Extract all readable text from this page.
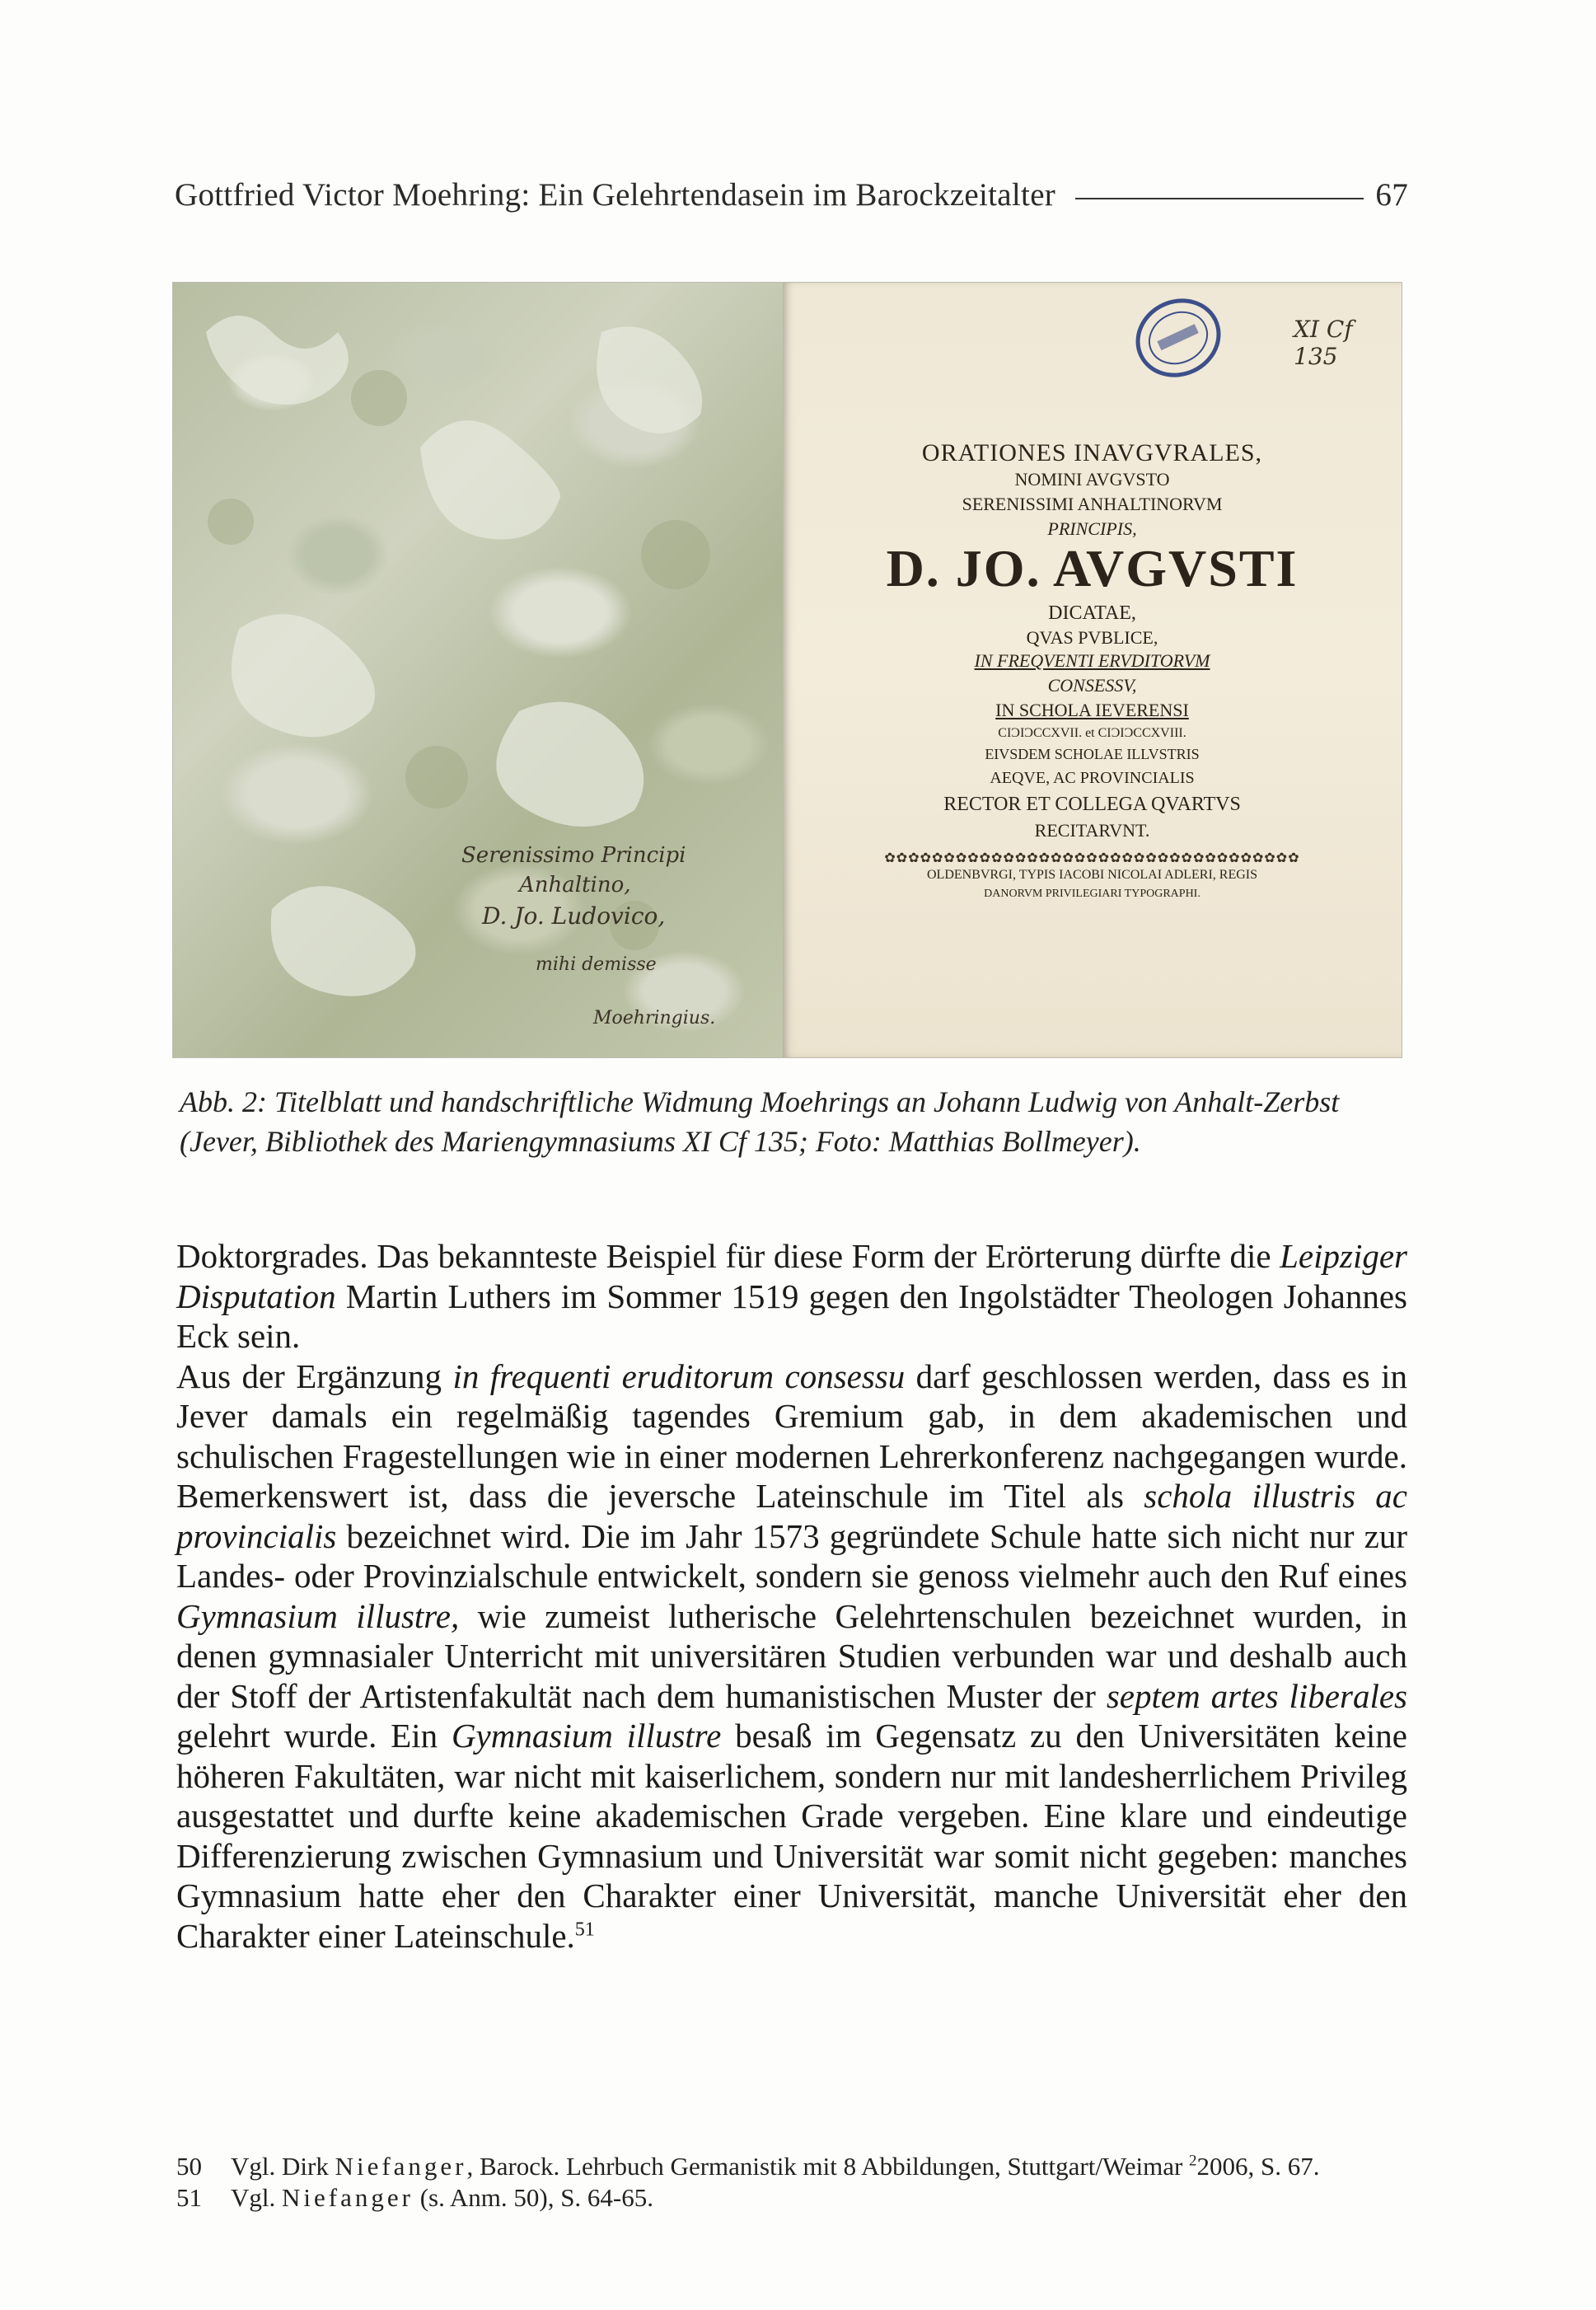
Gottfried Victor Moehring: Ein Gelehrtendasein im Barockzeitalter	67
Serenissimo Principi
Anhaltino,
D. Jo. Ludovico,
mihi demisse
Moehringius.
XI Cf 135
ORATIONES INAVGVRALES,
NOMINI AVGVSTO
SERENISSIMI ANHALTINORVM
PRINCIPIS,
D. JO. AVGVSTI
DICATAE,
QVAS PVBLICE,
IN FREQVENTI ERVDITORVM
CONSESSV,
IN SCHOLA IEVERENSI
CIƆIƆCCXVII. et CIƆIƆCCXVIII.
EIVSDEM SCHOLAE ILLVSTRIS
AEQVE, AC PROVINCIALIS
RECTOR ET COLLEGA QVARTVS
RECITARVNT.
✿✿✿✿✿✿✿✿✿✿✿✿✿✿✿✿✿✿✿✿✿✿✿✿✿✿✿✿✿✿✿✿✿✿✿
OLDENBVRGI, TYPIS IACOBI NICOLAI ADLERI, REGIS
DANORVM PRIVILEGIARI TYPOGRAPHI.

Abb. 2: Titelblatt und handschriftliche Widmung Moehrings an Johann Ludwig von Anhalt-Zerbst

(Jever, Bibliothek des Mariengymnasiums XI Cf 135; Foto: Matthias Bollmeyer).

Doktorgrades. Das bekannteste Beispiel für diese Form der Erörterung dürfte die Leipziger Disputation Martin Luthers im Sommer 1519 gegen den Ingolstädter Theologen Johannes Eck sein.

Aus der Ergänzung in frequenti eruditorum consessu darf geschlossen werden, dass es in Jever damals ein regelmäßig tagendes Gremium gab, in dem akademischen und schulischen Fragestellungen wie in einer modernen Lehrerkonferenz nachgegangen wurde. Bemerkenswert ist, dass die jeversche Lateinschule im Titel als schola illustris ac provincialis bezeichnet wird. Die im Jahr 1573 gegründete Schule hatte sich nicht nur zur Landes- oder Provinzialschule entwickelt, sondern sie genoss vielmehr auch den Ruf eines Gymnasium illustre, wie zumeist lutherische Gelehrtenschulen bezeichnet wurden, in denen gymnasialer Unterricht mit universitären Studien verbunden war und deshalb auch der Stoff der Artistenfakultät nach dem humanistischen Muster der septem artes liberales gelehrt wurde. Ein Gymnasium illustre besaß im Gegensatz zu den Universitäten keine höheren Fakultäten, war nicht mit kaiserlichem, sondern nur mit landesherrlichem Privileg ausgestattet und durfte keine akademischen Grade vergeben. Eine klare und eindeutige Differenzierung zwischen Gymnasium und Universität war somit nicht gegeben: manches Gymnasium hatte eher den Charakter einer Universität, manche Universität eher den Charakter einer Lateinschule.$^{51}$

50	Vgl. Dirk Niefanger, Barock. Lehrbuch Germanistik mit 8 Abbildungen, Stuttgart/Weimar $^2$2006, S. 67.
51	Vgl. Niefanger (s. Anm. 50), S. 64-65.
